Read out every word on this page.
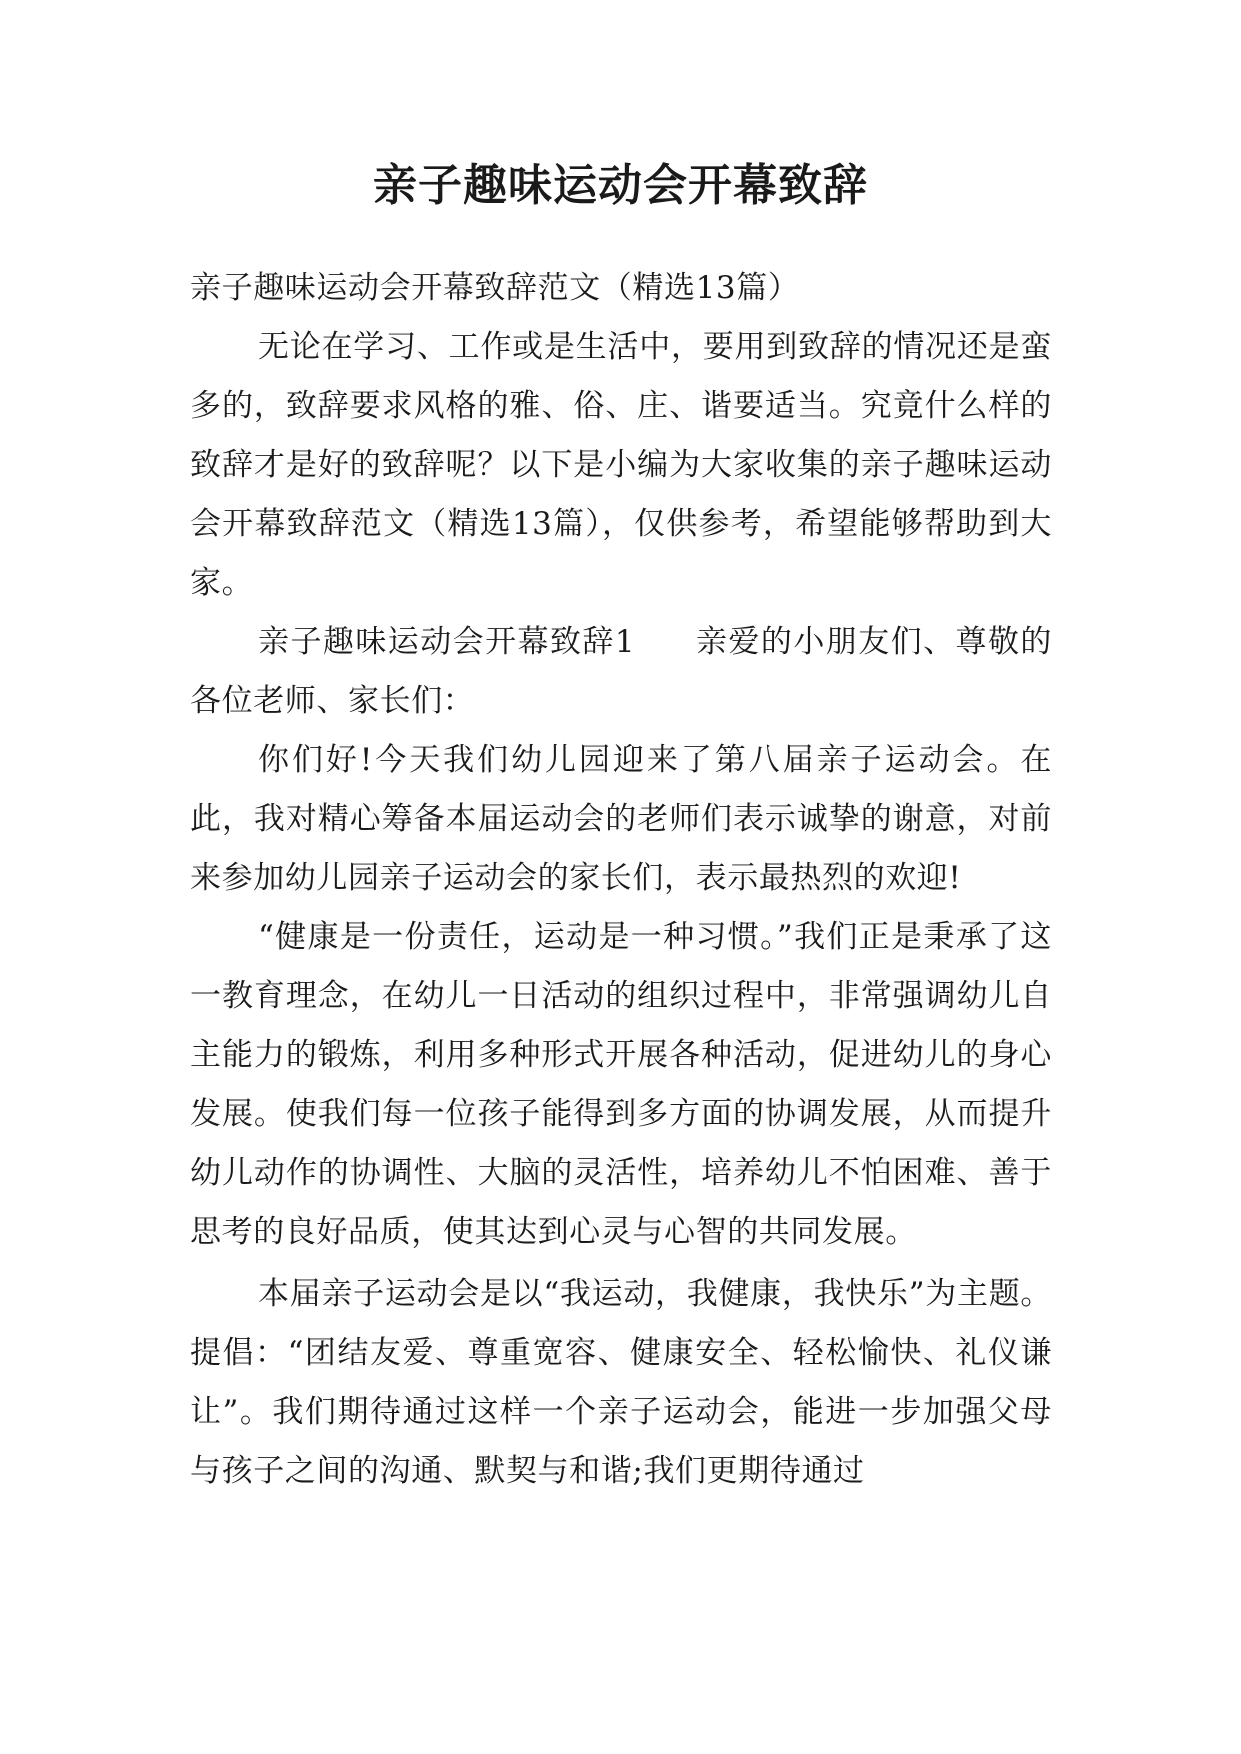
亲子趣味运动会开幕致辞

亲子趣味运动会开幕致辞范文（精选13篇）

无论在学习、工作或是生活中，要用到致辞的情况还是蛮多的，致辞要求风格的雅、俗、庄、谐要适当。究竟什么样的致辞才是好的致辞呢？以下是小编为大家收集的亲子趣味运动会开幕致辞范文（精选13篇），仅供参考，希望能够帮助到大家。

亲子趣味运动会开幕致辞1 亲爱的小朋友们、尊敬的各位老师、家长们：

你们好!今天我们幼儿园迎来了第八届亲子运动会。在此，我对精心筹备本届运动会的老师们表示诚挚的谢意，对前来参加幼儿园亲子运动会的家长们，表示最热烈的欢迎!

“健康是一份责任，运动是一种习惯。”我们正是秉承了这一教育理念，在幼儿一日活动的组织过程中，非常强调幼儿自主能力的锻炼，利用多种形式开展各种活动，促进幼儿的身心发展。使我们每一位孩子能得到多方面的协调发展，从而提升幼儿动作的协调性、大脑的灵活性，培养幼儿不怕困难、善于思考的良好品质，使其达到心灵与心智的共同发展。

本届亲子运动会是以“我运动，我健康，我快乐”为主题。提倡：“团结友爱、尊重宽容、健康安全、轻松愉快、礼仪谦让”。我们期待通过这样一个亲子运动会，能进一步加强父母与孩子之间的沟通、默契与和谐;我们更期待通过
